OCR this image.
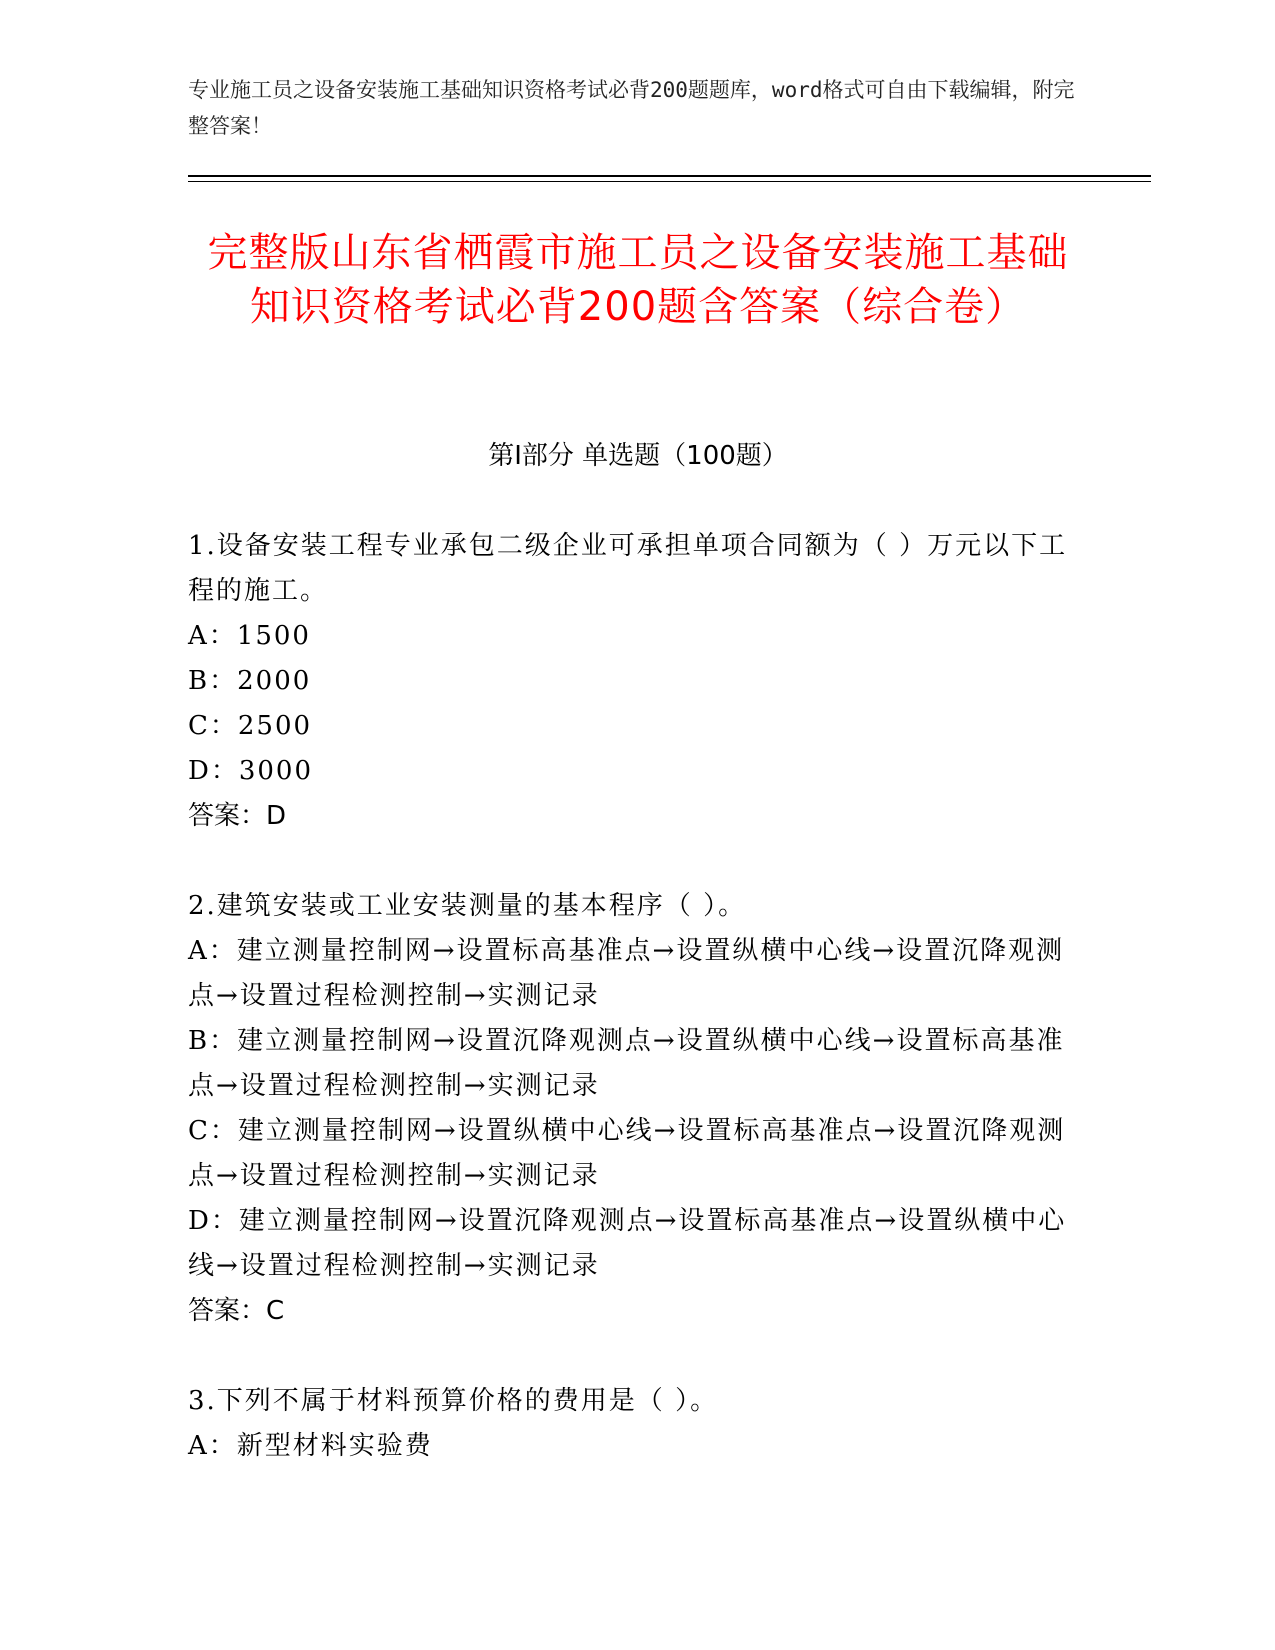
专业施工员之设备安装施工基础知识资格考试必背200题题库，word格式可自由下载编辑，附完整答案！
完整版山东省栖霞市施工员之设备安装施工基础知识资格考试必背200题含答案（综合卷）
第I部分 单选题（100题）
1.设备安装工程专业承包二级企业可承担单项合同额为（ ）万元以下工程的施工。
A：1500
B：2000
C：2500
D：3000
答案：D
2.建筑安装或工业安装测量的基本程序（ ）。
A：建立测量控制网→设置标高基准点→设置纵横中心线→设置沉降观测点→设置过程检测控制→实测记录
B：建立测量控制网→设置沉降观测点→设置纵横中心线→设置标高基准点→设置过程检测控制→实测记录
C：建立测量控制网→设置纵横中心线→设置标高基准点→设置沉降观测点→设置过程检测控制→实测记录
D：建立测量控制网→设置沉降观测点→设置标高基准点→设置纵横中心线→设置过程检测控制→实测记录
答案：C
3.下列不属于材料预算价格的费用是（ ）。
A：新型材料实验费
